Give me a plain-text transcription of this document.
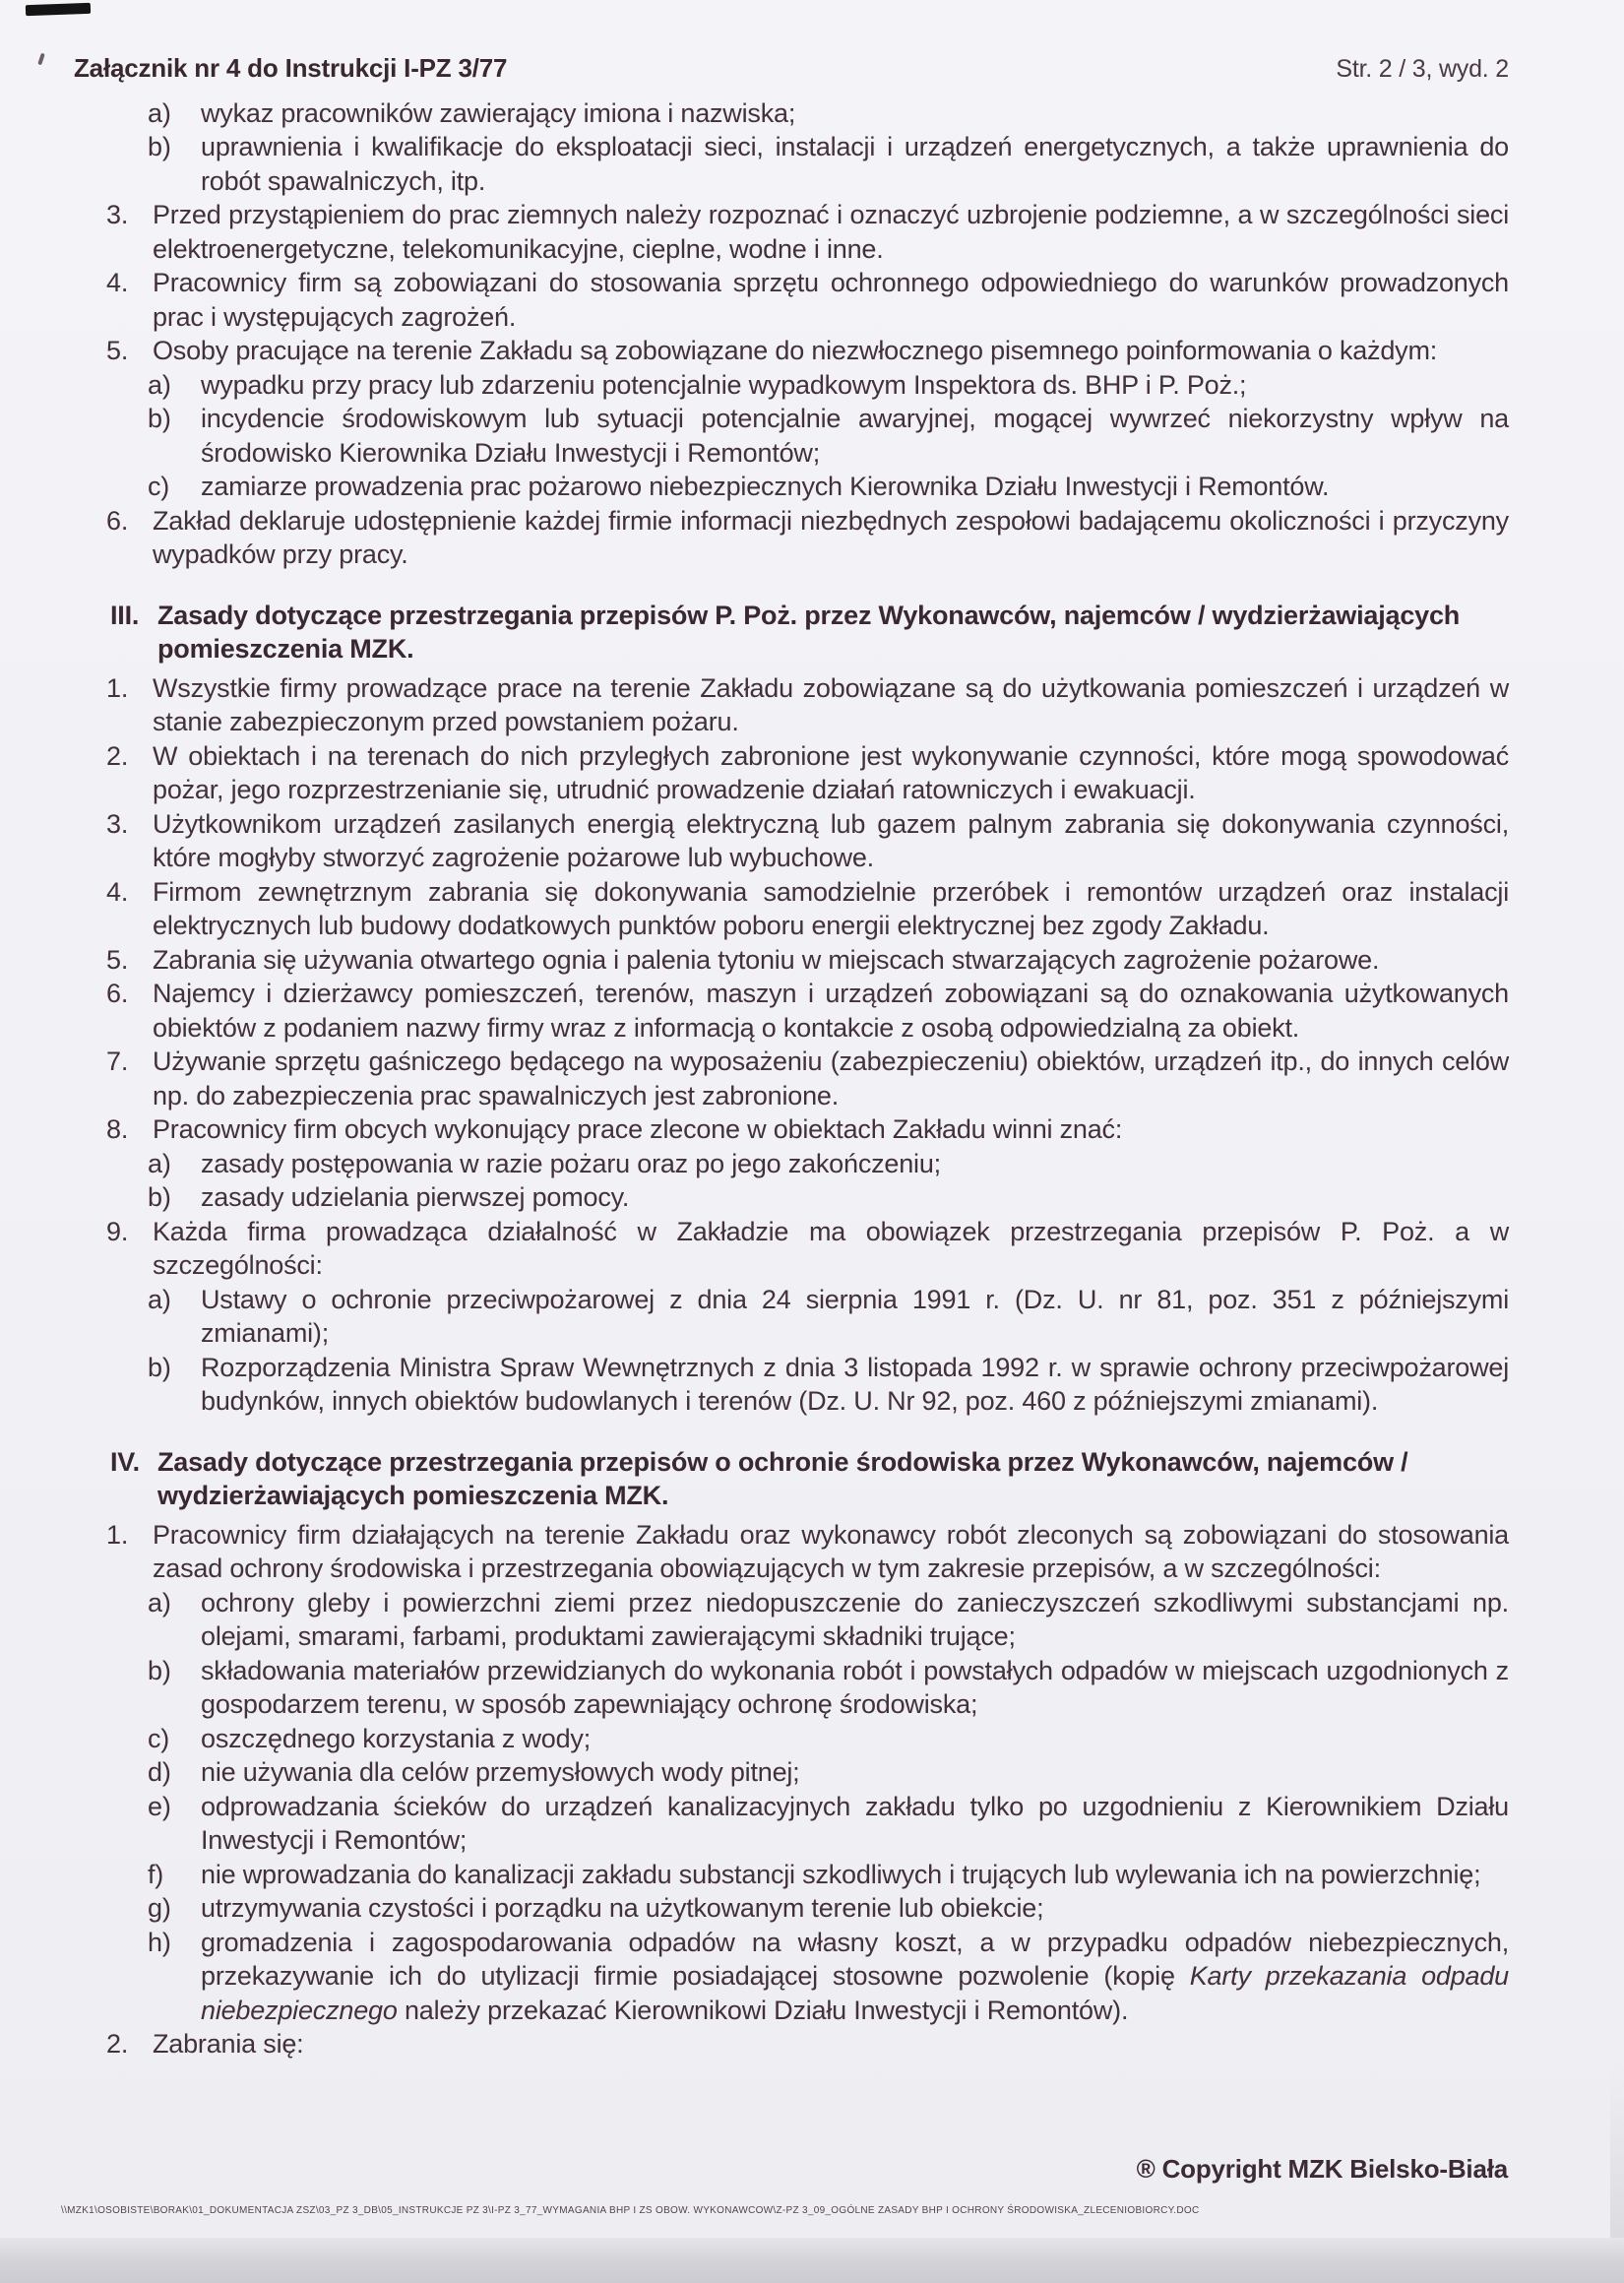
Załącznik nr 4 do Instrukcji I-PZ 3/77	Str. 2 / 3, wyd. 2
a)	wykaz pracowników zawierający imiona i nazwiska;
b)	uprawnienia i kwalifikacje do eksploatacji sieci, instalacji i urządzeń energetycznych, a także uprawnienia do robót spawalniczych, itp.
3. Przed przystąpieniem do prac ziemnych należy rozpoznać i oznaczyć uzbrojenie podziemne, a w szczególności sieci elektroenergetyczne, telekomunikacyjne, cieplne, wodne i inne.
4. Pracownicy firm są zobowiązani do stosowania sprzętu ochronnego odpowiedniego do warunków prowadzonych prac i występujących zagrożeń.
5. Osoby pracujące na terenie Zakładu są zobowiązane do niezwłocznego pisemnego poinformowania o każdym:
a)	wypadku przy pracy lub zdarzeniu potencjalnie wypadkowym Inspektora ds. BHP i P. Poż.;
b)	incydencie środowiskowym lub sytuacji potencjalnie awaryjnej, mogącej wywrzeć niekorzystny wpływ na środowisko Kierownika Działu Inwestycji i Remontów;
c)	zamiarze prowadzenia prac pożarowo niebezpiecznych Kierownika Działu Inwestycji i Remontów.
6. Zakład deklaruje udostępnienie każdej firmie informacji niezbędnych zespołowi badającemu okoliczności i przyczyny wypadków przy pracy.
III. Zasady dotyczące przestrzegania przepisów P. Poż. przez Wykonawców, najemców / wydzierżawiających pomieszczenia MZK.
1. Wszystkie firmy prowadzące prace na terenie Zakładu zobowiązane są do użytkowania pomieszczeń i urządzeń w stanie zabezpieczonym przed powstaniem pożaru.
2. W obiektach i na terenach do nich przyległych zabronione jest wykonywanie czynności, które mogą spowodować pożar, jego rozprzestrzenianie się, utrudnić prowadzenie działań ratowniczych i ewakuacji.
3. Użytkownikom urządzeń zasilanych energią elektryczną lub gazem palnym zabrania się dokonywania czynności, które mogłyby stworzyć zagrożenie pożarowe lub wybuchowe.
4. Firmom zewnętrznym zabrania się dokonywania samodzielnie przeróbek i remontów urządzeń oraz instalacji elektrycznych lub budowy dodatkowych punktów poboru energii elektrycznej bez zgody Zakładu.
5. Zabrania się używania otwartego ognia i palenia tytoniu w miejscach stwarzających zagrożenie pożarowe.
6. Najemcy i dzierżawcy pomieszczeń, terenów, maszyn i urządzeń zobowiązani są do oznakowania użytkowanych obiektów z podaniem nazwy firmy wraz z informacją o kontakcie z osobą odpowiedzialną za obiekt.
7. Używanie sprzętu gaśniczego będącego na wyposażeniu (zabezpieczeniu) obiektów, urządzeń itp., do innych celów np. do zabezpieczenia prac spawalniczych jest zabronione.
8. Pracownicy firm obcych wykonujący prace zlecone w obiektach Zakładu winni znać:
a)	zasady postępowania w razie pożaru oraz po jego zakończeniu;
b)	zasady udzielania pierwszej pomocy.
9. Każda firma prowadząca działalność w Zakładzie ma obowiązek przestrzegania przepisów P. Poż. a w szczególności:
a)	Ustawy o ochronie przeciwpożarowej z dnia 24 sierpnia 1991 r. (Dz. U. nr 81, poz. 351 z późniejszymi zmianami);
b)	Rozporządzenia Ministra Spraw Wewnętrznych z dnia 3 listopada 1992 r. w sprawie ochrony przeciwpożarowej budynków, innych obiektów budowlanych i terenów (Dz. U. Nr 92, poz. 460 z późniejszymi zmianami).
IV. Zasady dotyczące przestrzegania przepisów o ochronie środowiska przez Wykonawców, najemców / wydzierżawiających pomieszczenia MZK.
1. Pracownicy firm działających na terenie Zakładu oraz wykonawcy robót zleconych są zobowiązani do stosowania zasad ochrony środowiska i przestrzegania obowiązujących w tym zakresie przepisów, a w szczególności:
a)	ochrony gleby i powierzchni ziemi przez niedopuszczenie do zanieczyszczeń szkodliwymi substancjami np. olejami, smarami, farbami, produktami zawierającymi składniki trujące;
b)	składowania materiałów przewidzianych do wykonania robót i powstałych odpadów w miejscach uzgodnionych z gospodarzem terenu, w sposób zapewniający ochronę środowiska;
c)	oszczędnego korzystania z wody;
d)	nie używania dla celów przemysłowych wody pitnej;
e)	odprowadzania ścieków do urządzeń kanalizacyjnych zakładu tylko po uzgodnieniu z Kierownikiem Działu Inwestycji i Remontów;
f)	nie wprowadzania do kanalizacji zakładu substancji szkodliwych i trujących lub wylewania ich na powierzchnię;
g)	utrzymywania czystości i porządku na użytkowanym terenie lub obiekcie;
h)	gromadzenia i zagospodarowania odpadów na własny koszt, a w przypadku odpadów niebezpiecznych, przekazywanie ich do utylizacji firmie posiadającej stosowne pozwolenie (kopię Karty przekazania odpadu niebezpiecznego należy przekazać Kierownikowi Działu Inwestycji i Remontów).
2. Zabrania się:
® Copyright MZK Bielsko-Biała
\\MZK1\OSOBISTE\BORAK\01_DOKUMENTACJA ZSZ\03_PZ 3_DB\05_INSTRUKCJE PZ 3\I-PZ 3_77_WYMAGANIA BHP I ZS OBOW. WYKONAWCOW\Z-PZ 3_09_OGÓLNE ZASADY BHP I OCHRONY ŚRODOWISKA_ZLECENIOBIORCY.DOC
